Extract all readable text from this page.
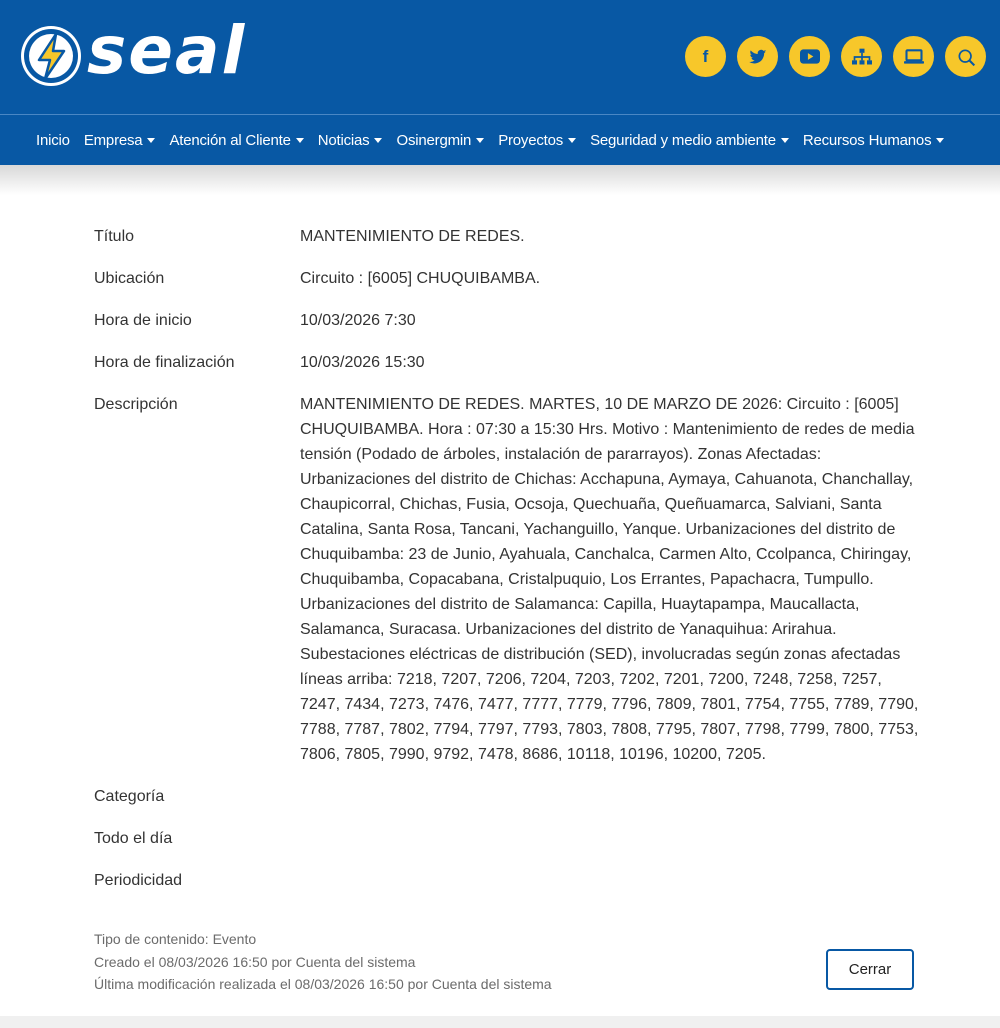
seal	f
Inicio Empresa Atención al Cliente Noticias Osinergmin Proyectos Seguridad y medio ambiente Recursos Humanos
Título	MANTENIMIENTO DE REDES.
Ubicación	Circuito : [6005] CHUQUIBAMBA.
Hora de inicio	10/03/2026 7:30
Hora de finalización	10/03/2026 15:30
Descripción	MANTENIMIENTO DE REDES. MARTES, 10 DE MARZO DE 2026: Circuito : [6005] CHUQUIBAMBA. Hora : 07:30 a 15:30 Hrs. Motivo : Mantenimiento de redes de media tensión (Podado de árboles, instalación de pararrayos). Zonas Afectadas: Urbanizaciones del distrito de Chichas: Acchapuna, Aymaya, Cahuanota, Chanchallay, Chaupicorral, Chichas, Fusia, Ocsoja, Quechuaña, Queñuamarca, Salviani, Santa Catalina, Santa Rosa, Tancani, Yachanguillo, Yanque. Urbanizaciones del distrito de Chuquibamba: 23 de Junio, Ayahuala, Canchalca, Carmen Alto, Ccolpanca, Chiringay, Chuquibamba, Copacabana, Cristalpuquio, Los Errantes, Papachacra, Tumpullo. Urbanizaciones del distrito de Salamanca: Capilla, Huaytapampa, Maucallacta, Salamanca, Suracasa. Urbanizaciones del distrito de Yanaquihua: Arirahua. Subestaciones eléctricas de distribución (SED), involucradas según zonas afectadas líneas arriba: 7218, 7207, 7206, 7204, 7203, 7202, 7201, 7200, 7248, 7258, 7257, 7247, 7434, 7273, 7476, 7477, 7777, 7779, 7796, 7809, 7801, 7754, 7755, 7789, 7790, 7788, 7787, 7802, 7794, 7797, 7793, 7803, 7808, 7795, 7807, 7798, 7799, 7800, 7753, 7806, 7805, 7990, 9792, 7478, 8686, 10118, 10196, 10200, 7205.
Categoría
Todo el día
Periodicidad
Tipo de contenido: Evento
Creado el 08/03/2026 16:50 por Cuenta del sistema
Última modificación realizada el 08/03/2026 16:50 por Cuenta del sistema
Cerrar
